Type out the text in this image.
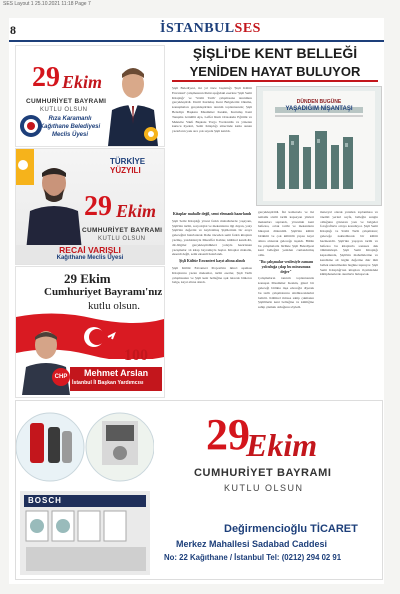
SES Layout 1 25.10.2021 11:18 Page 7
8	İSTANBULSES
29 Ekim
CUMHURİYET BAYRAMI
KUTLU OLSUN
Rıza Karamanlı
Kağıthane Belediyesi
Meclis Üyesi
TÜRKİYE
YÜZYILI
29 Ekim
CUMHURİYET BAYRAMI
KUTLU OLSUN
RECAİ VARIŞLI
Kağıthane Meclis Üyesi
29 Ekim
Cumhuriyet Bayramı'nız
kutlu olsun.
100
Mehmet Arslan
İstanbul İl Başkan Yardımcısı
CHP
ŞİŞLİ'DE KENT BELLEĞİ
YENİDEN HAYAT BULUYOR
Şişli Belediyesi, iki yıl önce başlattığı 'Şişli Kültür Envanteri' çalışmasının ilkini aşağıdaki eserlere 'Şişli Semt Kitaplığı' ve 'Sözlü Tarih' çalışmasına tanıtımını gerçekleştirdi. Darül Kurtuluş Kent Belgelerini Okuma, konuşmaları gerçekleştirilen tanıtım toplantısında; Şişli Belediye Başkanı Muammer Keskin, Kurtuluş Kent Tanışma Gönüllü Aya, Leffer Rum Ortaokulu Eğitimi ve Mektebe Vakfı Başkanı Yorgo Yordonidis ve yöneten kurucu üyeleri, Semt Kitaplığı sürecinde katkı sunan yazarların yanı sıra çok sayıda Şişli katıldı.
DÜNDEN BUGÜNE
YAŞADIĞIM NİŞANTAŞI
Kitaplar mahalle değil, semt elemanlı hazırlandı
Şişli Semt Kitaplığı yöresi farklı mahallelerde yaşayanı, Şişli'nin tarihi, sosyolojisi ve mekanlarını ilgi duyan, yalçı Şişli'nin değerini ve kaybolmuş Şişlilerinin bir araya geleceğini hatırlatarak Daha önceden semt farklı kitapları yazmış, yazdıklarıyla Muzaffer Kahler, kültürel kendi-ibi, dir-bilgiler gerçekleştirdikleri yoluyla hazırlanan yazışmalar 14 kitap bayramıyla başlar. Kitaplar mahalle, eksenli değil, semt eksenli hazırlandı.
Şişli Kültür Envanteri kayıt altına alındı
Şişli Kültür Envanteri Projesi'nin ikinci aşaması Kitaplarını yazan mekanlar, tarihi eserler, Şişli Tarih çalışmasının ve Şişli kent belleğine ışık tutacak binlerce belge, kayıt altına alındı.
gerçekleştirildi. İki kamarada ve iki tematik sözlü tarihi kapsayan yüzleri mekanları saptandı, yöresinin kent hafızası, ortak tarihi ve mekanların hikayesi dinlenildi. Şişli'nin kültür birikimi ve çok kültürlü yapısı kayıt altına alınarak geleceğe taşındı. Bütün bu çalışmalarla birlikte Şişli Belediyesi kent belleğini yeniden canlandırmış oldu.
"Bu çalışmalar vesilesiyle zamanı yolculuğa çıkıp bu mirasımıza değer"
Çalışmaların tanıtım toplantısında konuşan Muammer Keskin, güzel bir geleceği birlikte inşa edeceğiz diyerek bu tarih çalışmalarını sürdüreceklerini belirtti. Kültürel mirasa sahip çıkmanın Şişlililerin kent belleğine ve kimliğine sahip çıkmak olduğunu söyledi.
materyal olarak yeniden toplanması ve önemli yerleri sayfa, belleğin zengin olduğunu gösteren yazı ve belgeler fotoğraflarla ortaya konuluyor. Şişli Semt Kitaplığı ve Sözlü Tarih çalışmaları; geleceğe nakledilecek bir kültür hazinesidir. Şişli'nin yaşayan tarihi ve hafızası bu kitaplarla sonsuza dek ölümsüzleşti. Şişli Semt Kitaplığı kapsamında, Şişli'nin mahallelerine ve kendisine ait özgün değerine dair tüm bellek unutulmadan bugüne taşınıyor. Şişli Semt Kitaplığı'nın kitapları ilçemizdeki kütüphanelerde okurlarla buluşacak.
BOSCH
29
Ekim
CUMHURİYET BAYRAMI
KUTLU OLSUN
Değirmencioğlu TİCARET
Merkez Mahallesi Sadabad Caddesi
No: 22 Kağıthane / İstanbul Tel: (0212) 294 02 91
